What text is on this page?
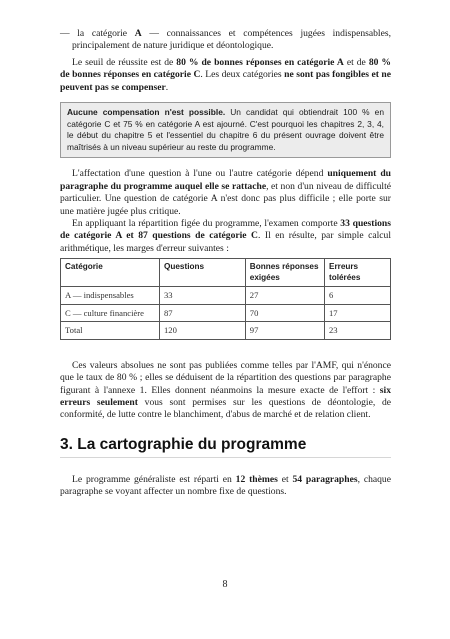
— la catégorie A — connaissances et compétences jugées indispensables, principalement de nature juridique et déontologique.

Le seuil de réussite est de 80 % de bonnes réponses en catégorie A et de 80 % de bonnes réponses en catégorie C. Les deux catégories ne sont pas fongibles et ne peuvent pas se compenser.

Aucune compensation n'est possible. Un candidat qui obtiendrait 100 % en catégorie C et 75 % en catégorie A est ajourné. C'est pourquoi les chapitres 2, 3, 4, le début du chapitre 5 et l'essentiel du chapitre 6 du présent ouvrage doivent être maîtrisés à un niveau supérieur au reste du programme.

L'affectation d'une question à l'une ou l'autre catégorie dépend uniquement du paragraphe du programme auquel elle se rattache, et non d'un niveau de difficulté particulier. Une question de catégorie A n'est donc pas plus difficile ; elle porte sur une matière jugée plus critique.

En appliquant la répartition figée du programme, l'examen comporte 33 questions de catégorie A et 87 questions de catégorie C. Il en résulte, par simple calcul arithmétique, les marges d'erreur suivantes :

Catégorie	Questions	Bonnes réponses exigées	Erreurs tolérées
A — indispensables	33	27	6
C — culture financière	87	70	17
Total	120	97	23

Ces valeurs absolues ne sont pas publiées comme telles par l'AMF, qui n'énonce que le taux de 80 % ; elles se déduisent de la répartition des questions par paragraphe figurant à l'annexe 1. Elles donnent néanmoins la mesure exacte de l'effort : six erreurs seulement vous sont permises sur les questions de déontologie, de conformité, de lutte contre le blanchiment, d'abus de marché et de relation client.

3. La cartographie du programme

Le programme généraliste est réparti en 12 thèmes et 54 paragraphes, chaque paragraphe se voyant affecter un nombre fixe de questions.

8
